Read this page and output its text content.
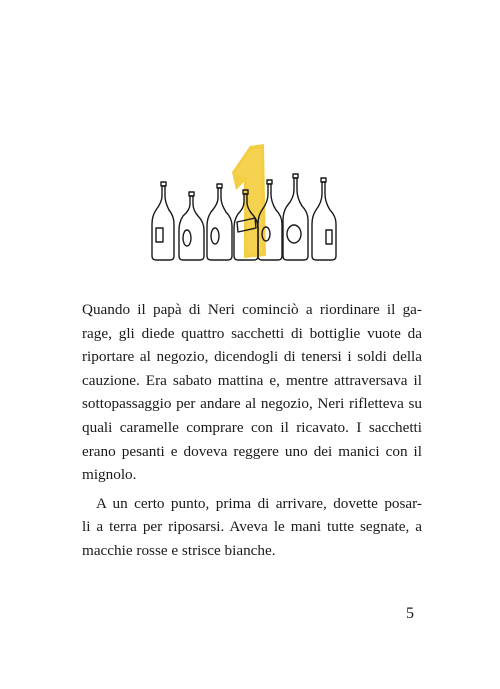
Quando il papà di Neri cominciò a riordinare il ga-
rage, gli diede quattro sacchetti di bottiglie vuote da
riportare al negozio, dicendogli di tenersi i soldi della
cauzione. Era sabato mattina e, mentre attraversava il
sottopassaggio per andare al negozio, Neri rifletteva su
quali caramelle comprare con il ricavato. I sacchetti
erano pesanti e doveva reggere uno dei manici con il
mignolo.
A un certo punto, prima di arrivare, dovette posar-
li a terra per riposarsi. Aveva le mani tutte segnate, a
macchie rosse e strisce bianche.
5
